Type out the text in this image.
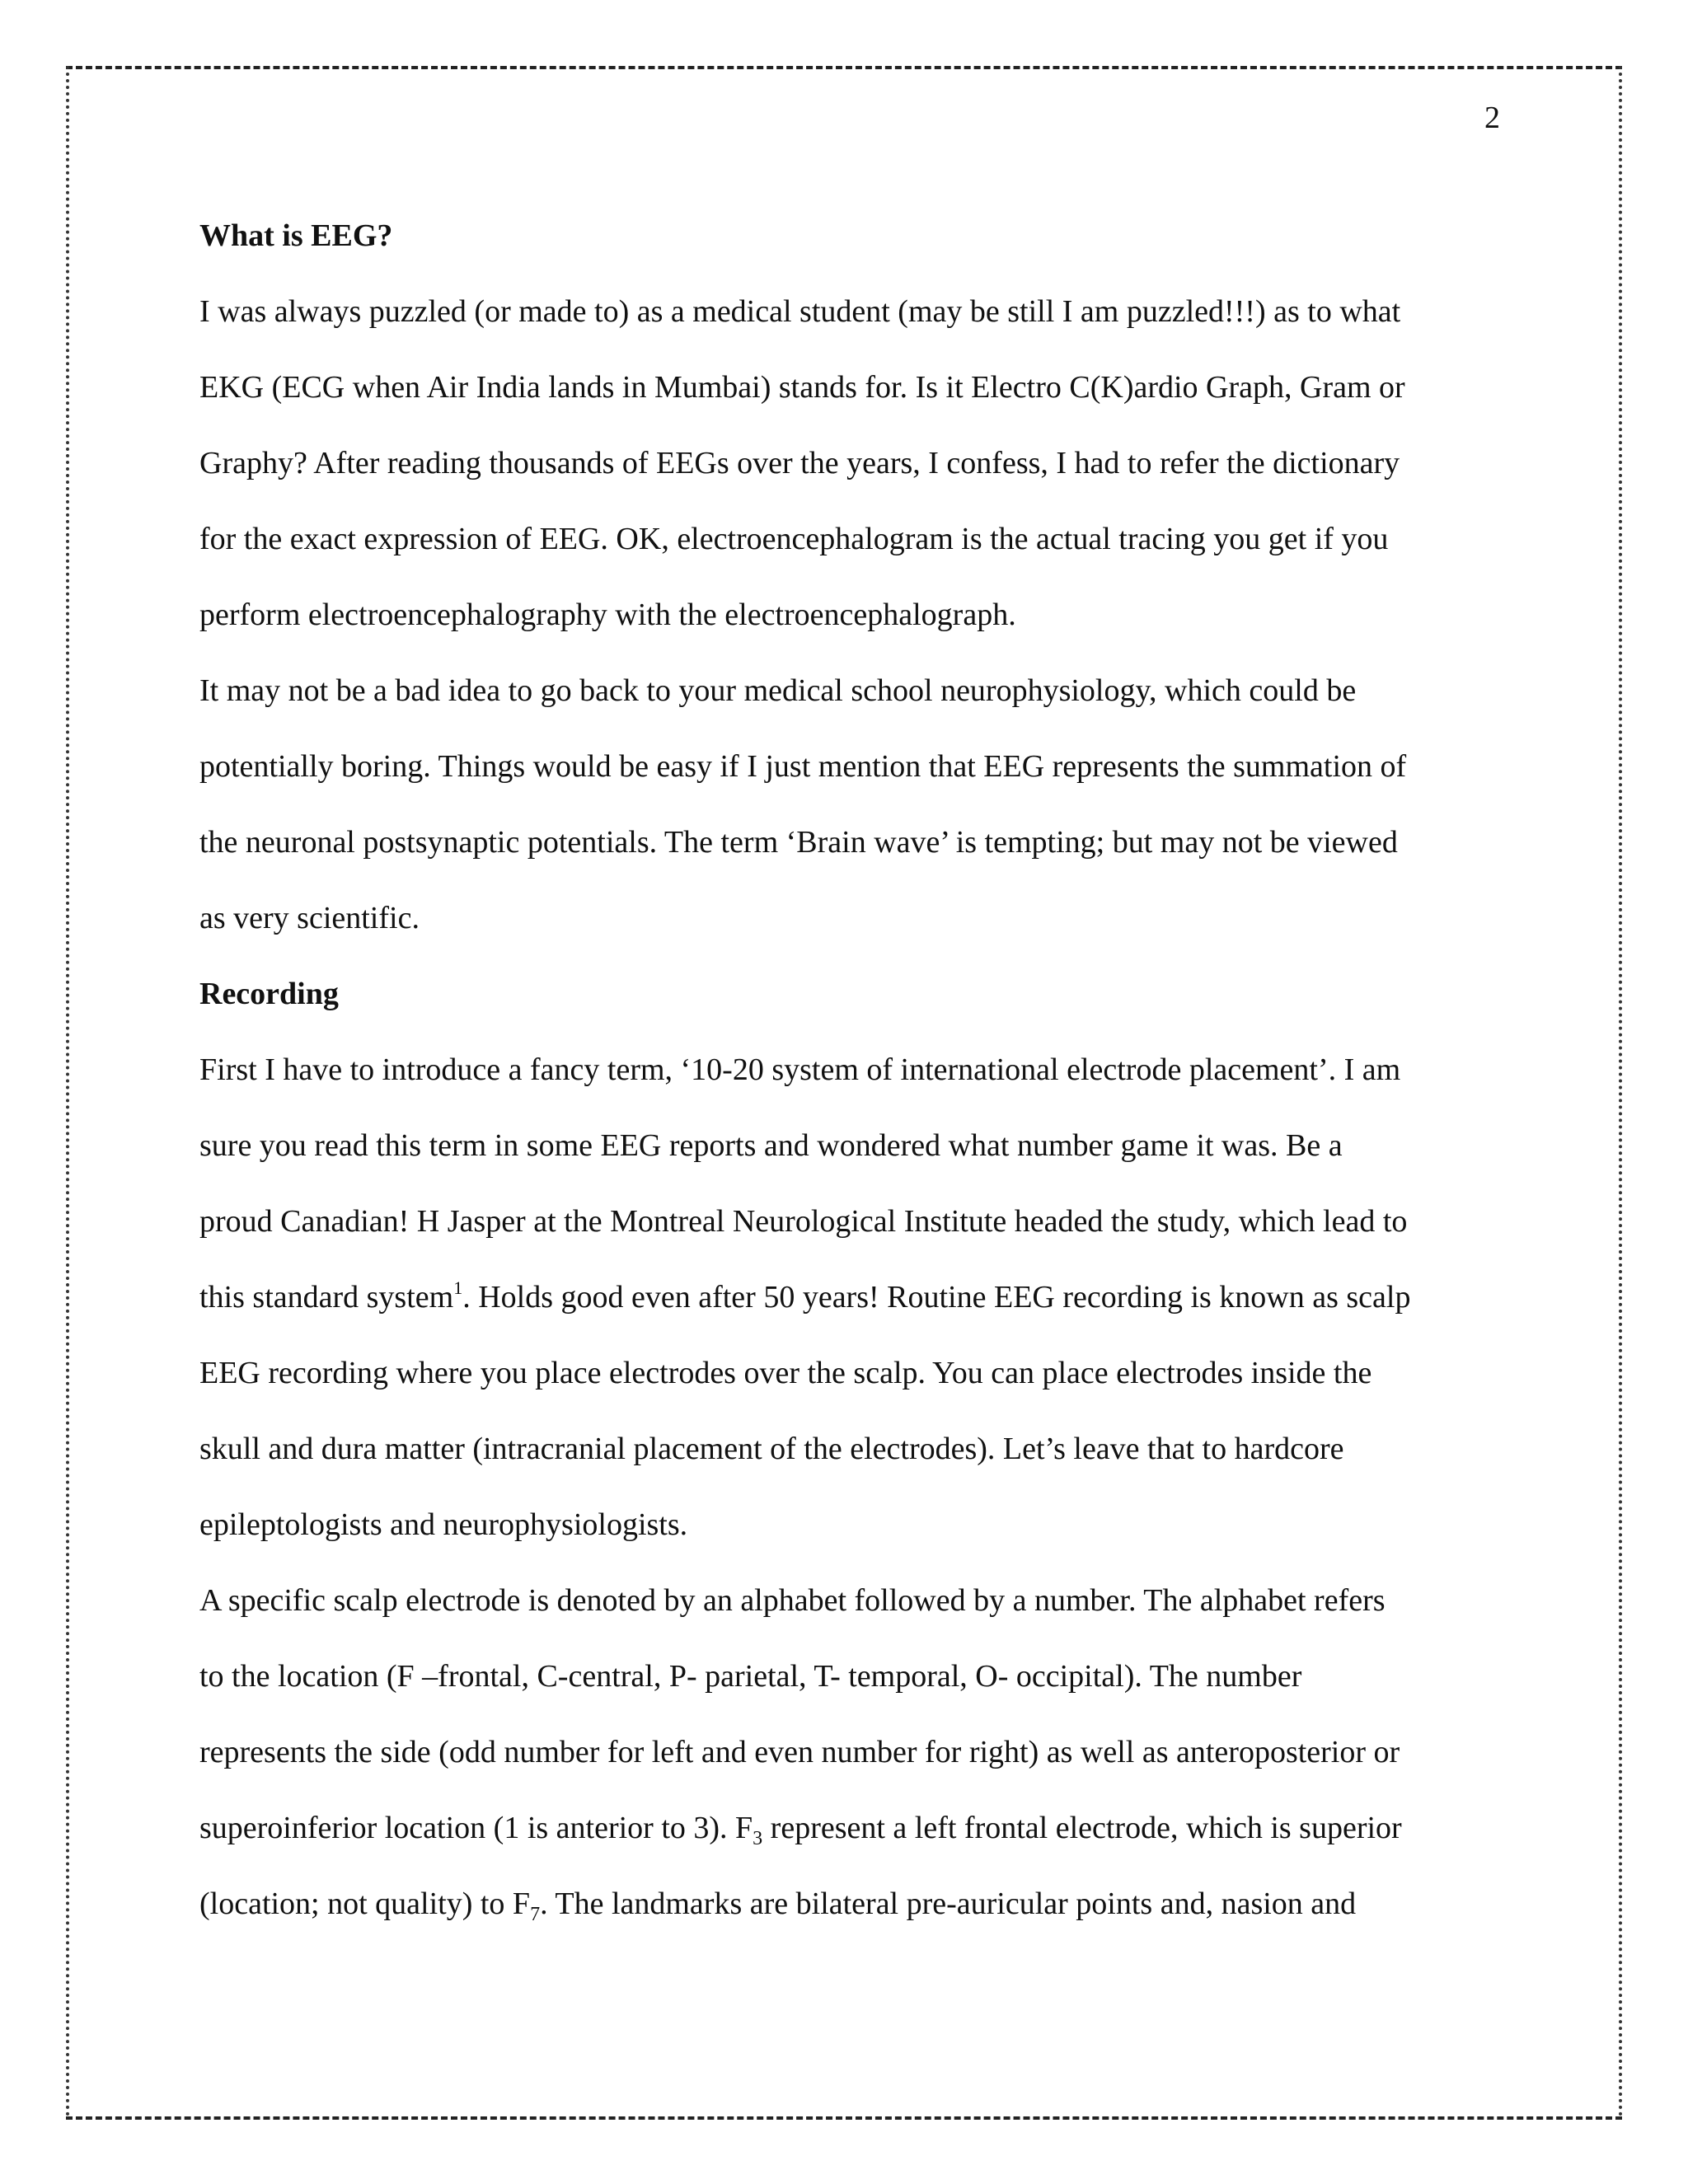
2
What is EEG?
I was always puzzled (or made to) as a medical student (may be still I am puzzled!!!) as to what
EKG (ECG when Air India lands in Mumbai) stands for. Is it Electro C(K)ardio Graph, Gram or
Graphy? After reading thousands of EEGs over the years, I confess, I had to refer the dictionary
for the exact expression of EEG. OK, electroencephalogram is the actual tracing you get if you
perform electroencephalography with the electroencephalograph.
It may not be a bad idea to go back to your medical school neurophysiology, which could be
potentially boring. Things would be easy if I just mention that EEG represents the summation of
the neuronal postsynaptic potentials. The term ‘Brain wave’ is tempting; but may not be viewed
as very scientific.
Recording
First I have to introduce a fancy term, ‘10-20 system of international electrode placement’. I am
sure you read this term in some EEG reports and wondered what number game it was. Be a
proud Canadian! H Jasper at the Montreal Neurological Institute headed the study, which lead to
this standard system$^1$. Holds good even after 50 years! Routine EEG recording is known as scalp
EEG recording where you place electrodes over the scalp. You can place electrodes inside the
skull and dura matter (intracranial placement of the electrodes). Let’s leave that to hardcore
epileptologists and neurophysiologists.
A specific scalp electrode is denoted by an alphabet followed by a number. The alphabet refers
to the location (F –frontal, C-central, P- parietal, T- temporal, O- occipital). The number
represents the side (odd number for left and even number for right) as well as anteroposterior or
superoinferior location (1 is anterior to 3). $F_3$ represent a left frontal electrode, which is superior
(location; not quality) to $F_7$. The landmarks are bilateral pre-auricular points and, nasion and
